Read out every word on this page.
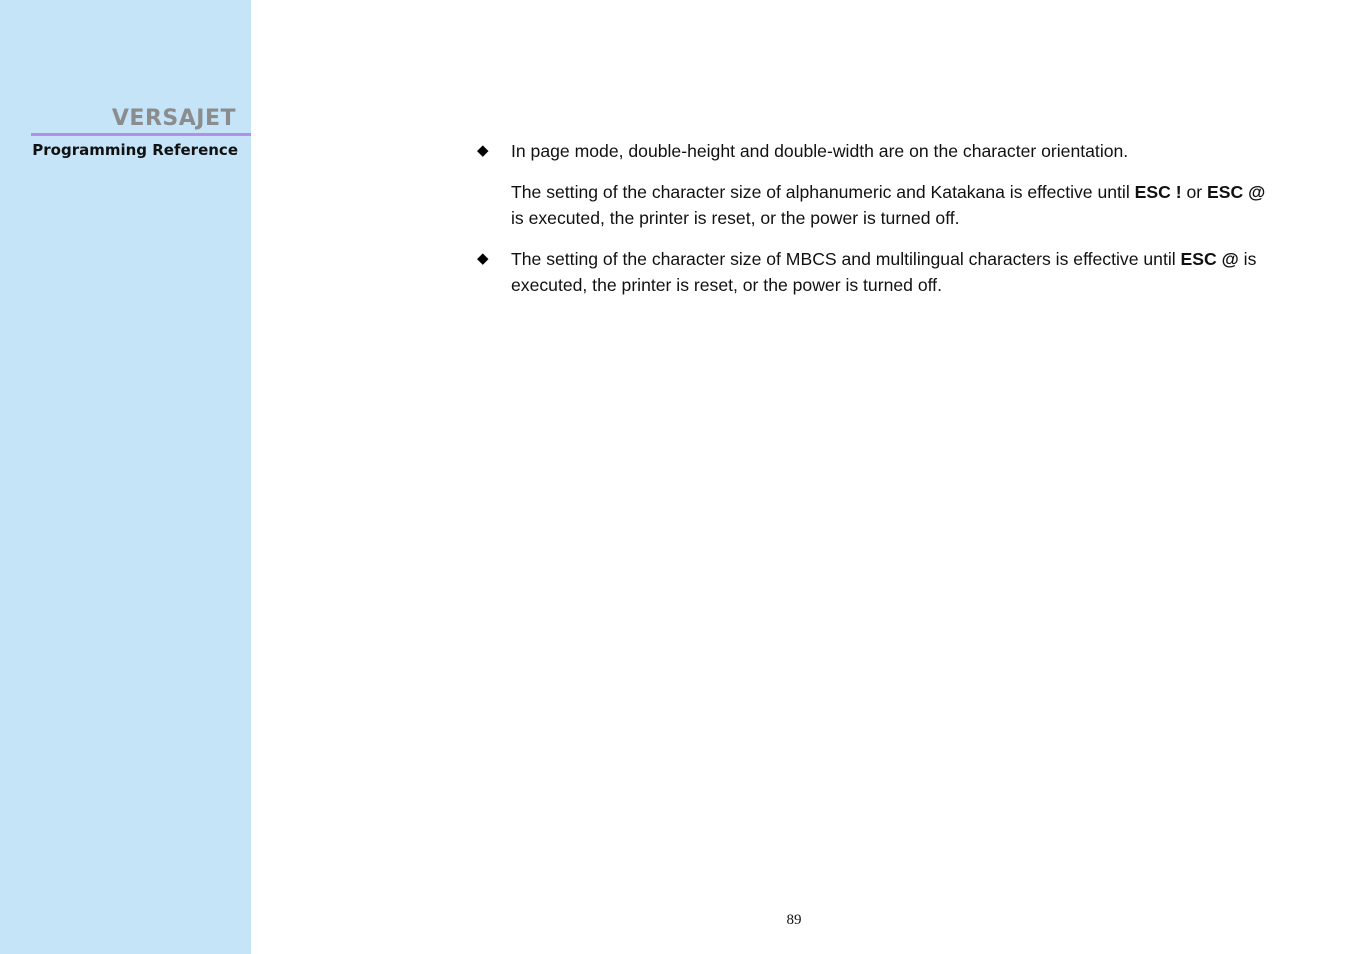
VERSAJET
Programming Reference	◆ In page mode, double-height and double-width are on the character orientation.

The setting of the character size of alphanumeric and Katakana is effective until ESC ! or ESC @ is executed, the printer is reset, or the power is turned off.

◆ The setting of the character size of MBCS and multilingual characters is effective until ESC @ is executed, the printer is reset, or the power is turned off.

89
